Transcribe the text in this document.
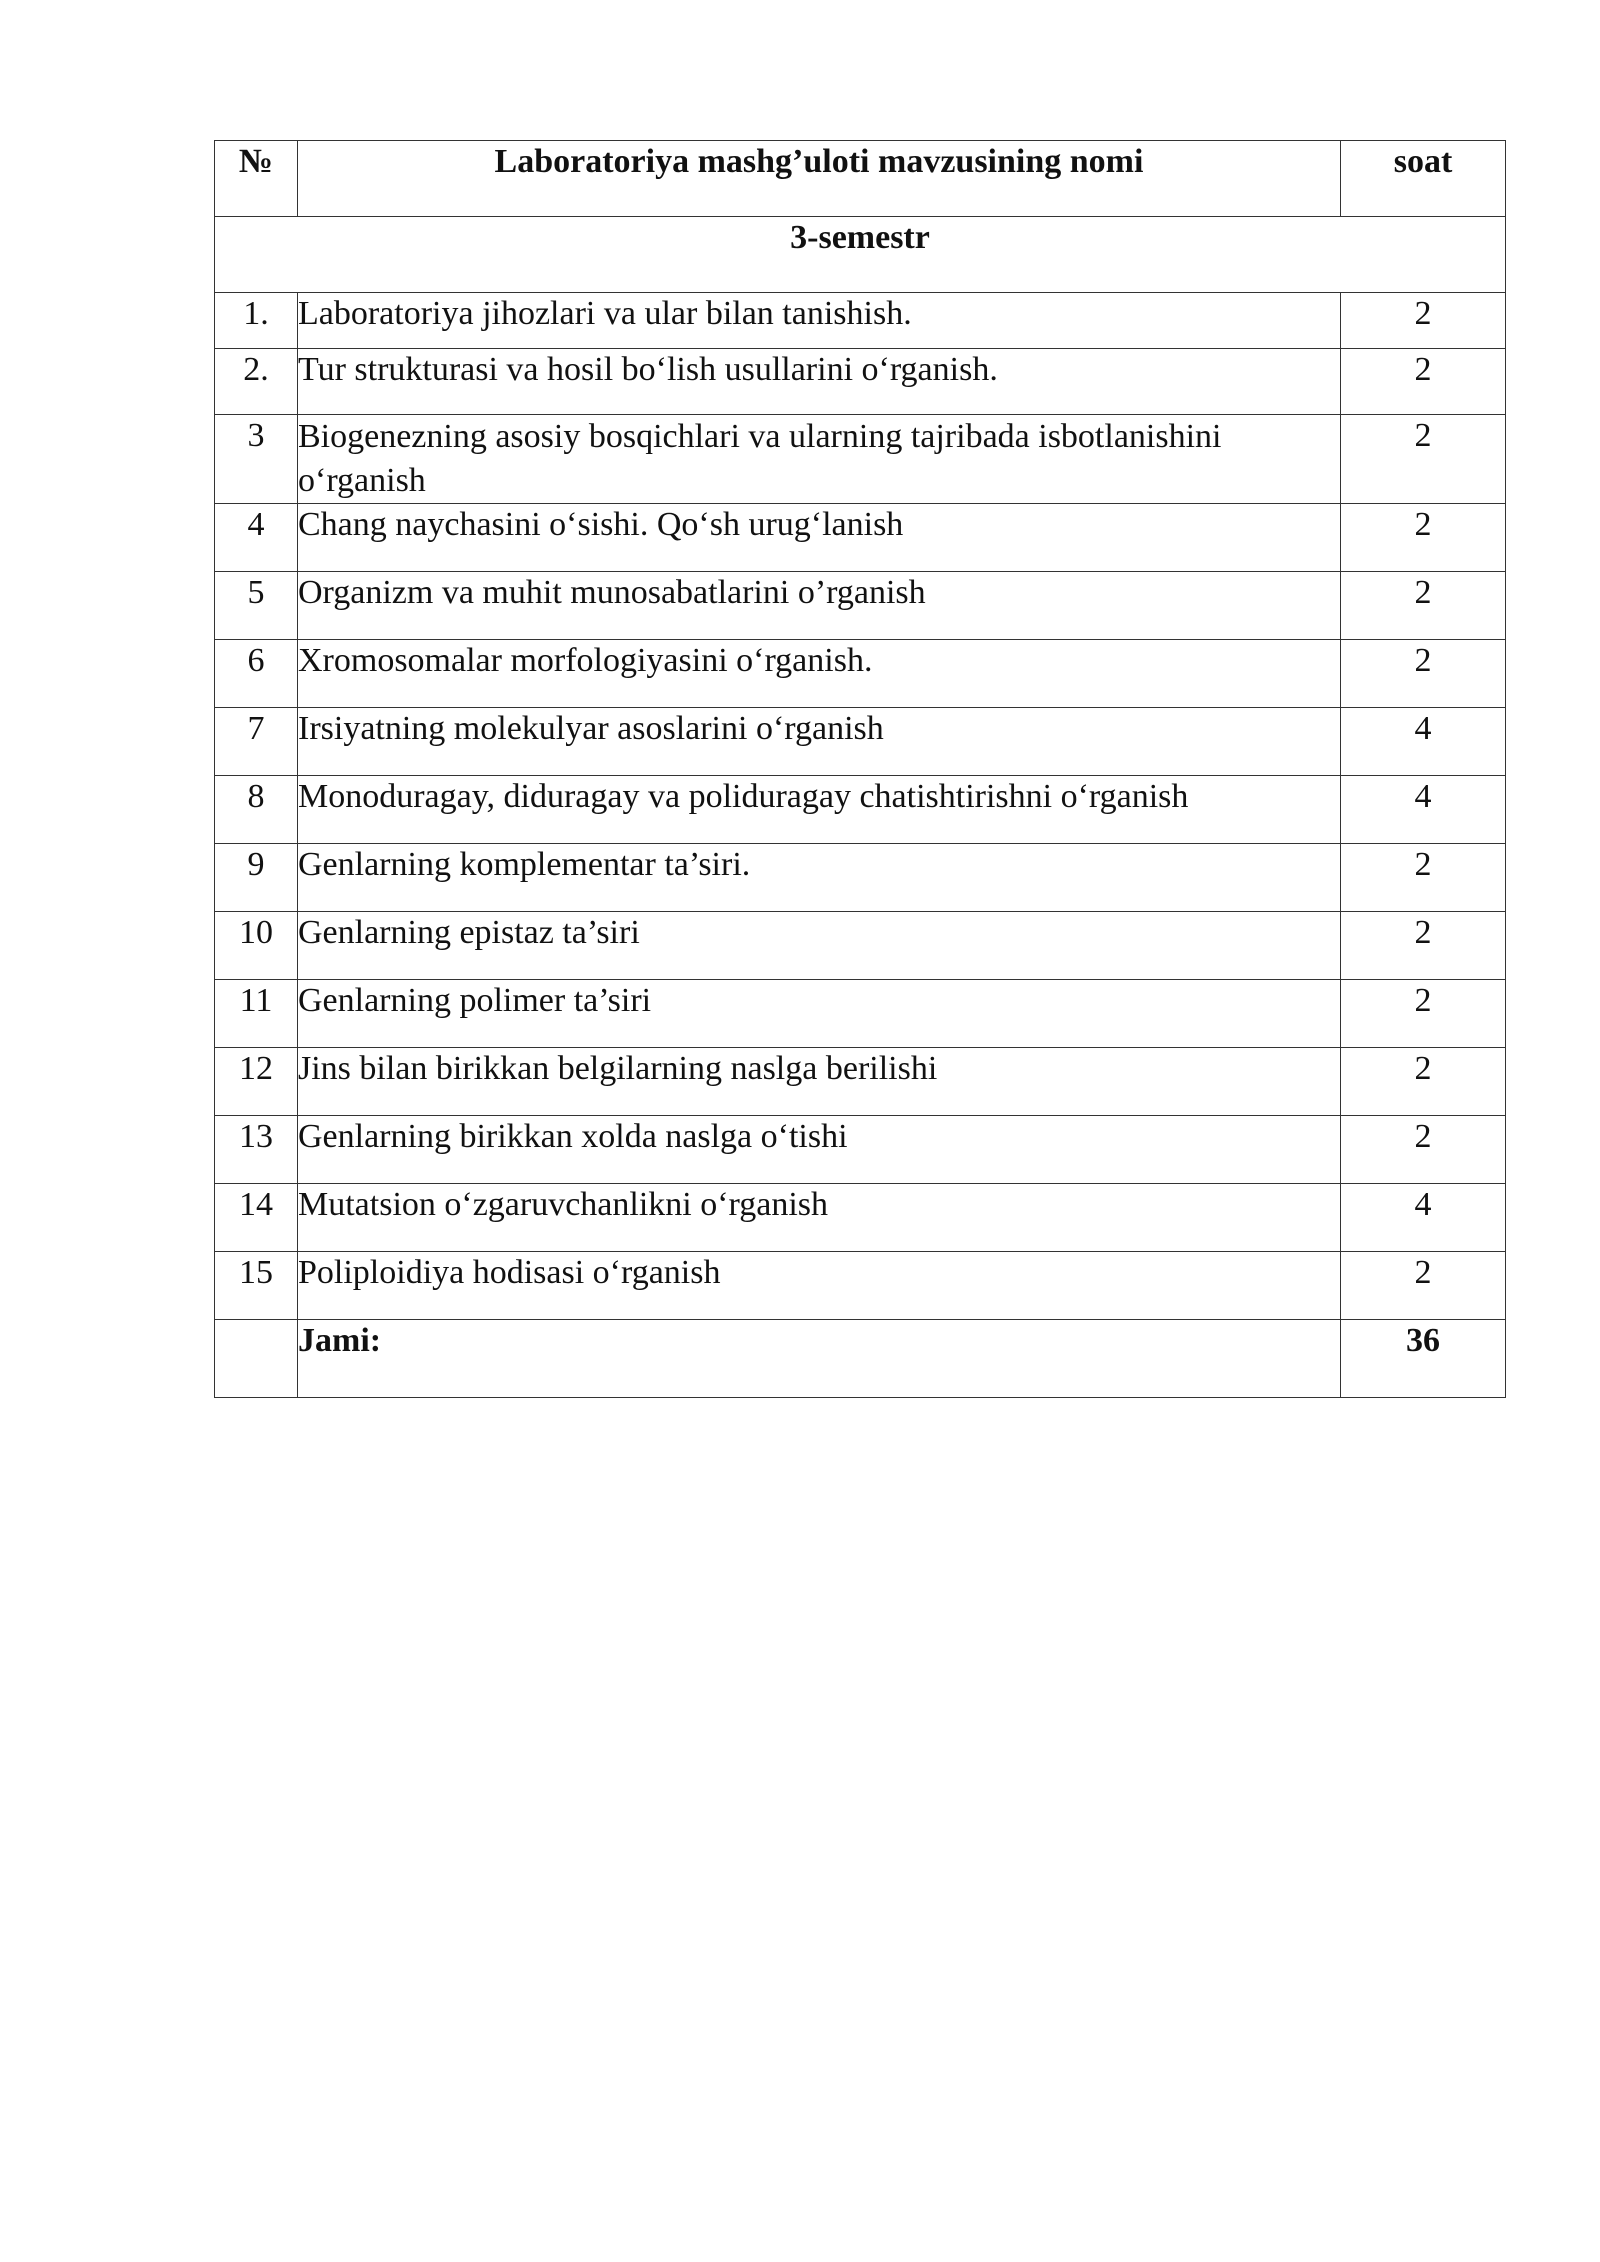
№	Laboratoriya mashg’uloti mavzusining nomi	soat
3-semestr		
1.	Laboratoriya jihozlari va ular bilan tanishish.	2
2.	Tur strukturasi va hosil bo‘lish usullarini o‘rganish.	2
3	Biogenezning asosiy bosqichlari va ularning tajribada isbotlanishini o‘rganish	2
4	Chang naychasini o‘sishi. Qo‘sh urug‘lanish	2
5	Organizm va muhit munosabatlarini o’rganish	2
6	Xromosomalar morfologiyasini o‘rganish.	2
7	Irsiyatning molekulyar asoslarini o‘rganish	4
8	Monoduragay, diduragay va poliduragay chatishtirishni o‘rganish	4
9	Genlarning komplementar ta’siri.	2
10	Genlarning epistaz ta’siri	2
11	Genlarning polimer ta’siri	2
12	Jins bilan birikkan belgilarning naslga berilishi	2
13	Genlarning birikkan xolda naslga o‘tishi	2
14	Mutatsion o‘zgaruvchanlikni o‘rganish	4
15	Poliploidiya hodisasi o‘rganish	2
	Jami:	36
